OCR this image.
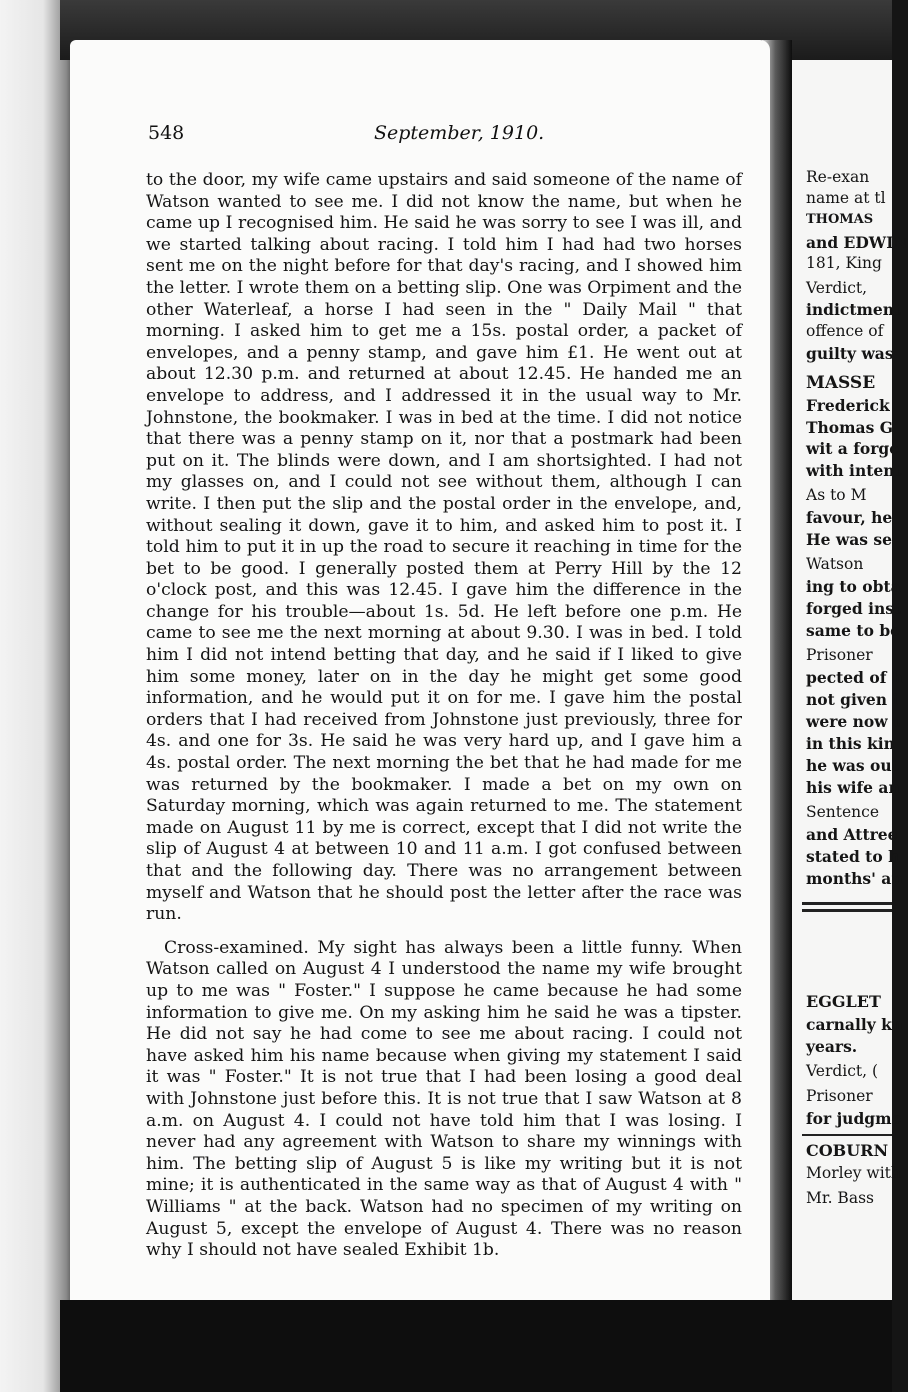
Re-exan
name at tl
THOMAS
and EDWIN
181, King
Verdict,
indictment
offence of
guilty was
MASSE
Frederick
Thomas G
wit a forge
with intent
As to M
favour, he
He was se
Watson
ing to obta
forged inst
same to be
Prisoner
pected of h
not given i
were now u
in this kin
he was out
his wife an
Sentence
and Attree
stated to h
months' an
EGGLET
carnally kn
years.
Verdict, (
Prisoner
for judgme
COBURN
Morley with
Mr. Bass
548	September, 1910.

to the door, my wife came upstairs and said someone of the name of Watson wanted to see me. I did not know the name, but when he came up I recognised him. He said he was sorry to see I was ill, and we started talking about racing. I told him I had had two horses sent me on the night before for that day's racing, and I showed him the letter. I wrote them on a betting slip. One was Orpiment and the other Waterleaf, a horse I had seen in the " Daily Mail " that morning. I asked him to get me a 15s. postal order, a packet of envelopes, and a penny stamp, and gave him £1. He went out at about 12.30 p.m. and returned at about 12.45. He handed me an envelope to address, and I addressed it in the usual way to Mr. Johnstone, the bookmaker. I was in bed at the time. I did not notice that there was a penny stamp on it, nor that a postmark had been put on it. The blinds were down, and I am shortsighted. I had not my glasses on, and I could not see without them, although I can write. I then put the slip and the postal order in the envelope, and, without sealing it down, gave it to him, and asked him to post it. I told him to put it in up the road to secure it reaching in time for the bet to be good. I generally posted them at Perry Hill by the 12 o'clock post, and this was 12.45. I gave him the difference in the change for his trouble—about 1s. 5d. He left before one p.m. He came to see me the next morning at about 9.30. I was in bed. I told him I did not intend betting that day, and he said if I liked to give him some money, later on in the day he might get some good information, and he would put it on for me. I gave him the postal orders that I had received from Johnstone just previously, three for 4s. and one for 3s. He said he was very hard up, and I gave him a 4s. postal order. The next morning the bet that he had made for me was returned by the bookmaker. I made a bet on my own on Saturday morning, which was again returned to me. The statement made on August 11 by me is correct, except that I did not write the slip of August 4 at between 10 and 11 a.m. I got confused between that and the following day. There was no arrangement between myself and Watson that he should post the letter after the race was run.

Cross-examined. My sight has always been a little funny. When Watson called on August 4 I understood the name my wife brought up to me was " Foster." I suppose he came because he had some information to give me. On my asking him he said he was a tipster. He did not say he had come to see me about racing. I could not have asked him his name because when giving my statement I said it was " Foster." It is not true that I had been losing a good deal with Johnstone just before this. It is not true that I saw Watson at 8 a.m. on August 4. I could not have told him that I was losing. I never had any agreement with Watson to share my winnings with him. The betting slip of August 5 is like my writing but it is not mine; it is authenticated in the same way as that of August 4 with " Williams " at the back. Watson had no specimen of my writing on August 5, except the envelope of August 4. There was no reason why I should not have sealed Exhibit 1b.
